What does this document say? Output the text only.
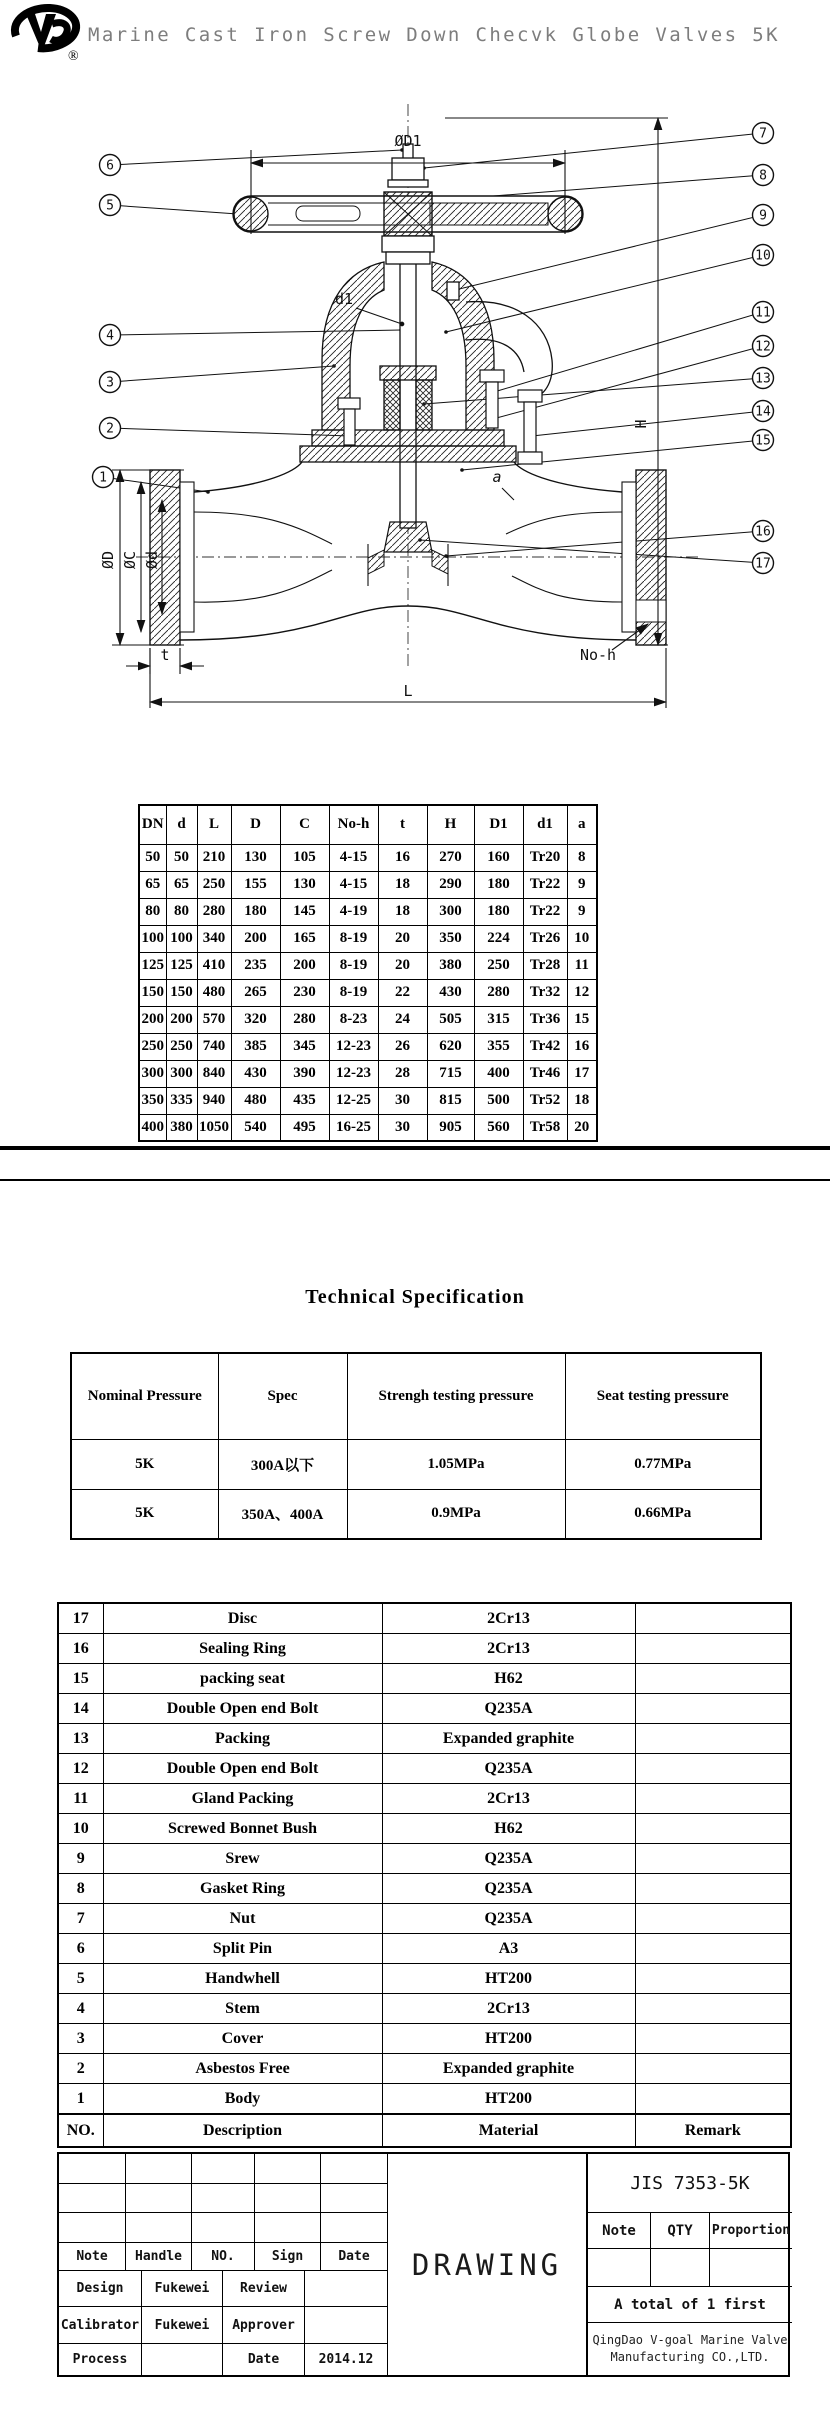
®
Marine Cast Iron Screw Down Checvk Globe Valves 5K
6
5
4
3
2
1
7
8
9
10
11
12
13
14
15
16
17
ØD1
d1
H
ØD ØC Ød
No-h
t
L
a
DN	d	L	D	C	No-h	t	H	D1	d1	a
50	50	210	130	105	4-15	16	270	160	Tr20	8
65	65	250	155	130	4-15	18	290	180	Tr22	9
80	80	280	180	145	4-19	18	300	180	Tr22	9
100	100	340	200	165	8-19	20	350	224	Tr26	10
125	125	410	235	200	8-19	20	380	250	Tr28	11
150	150	480	265	230	8-19	22	430	280	Tr32	12
200	200	570	320	280	8-23	24	505	315	Tr36	15
250	250	740	385	345	12-23	26	620	355	Tr42	16
300	300	840	430	390	12-23	28	715	400	Tr46	17
350	335	940	480	435	12-25	30	815	500	Tr52	18
400	380	1050	540	495	16-25	30	905	560	Tr58	20
Technical Specification
Nominal Pressure	Spec	Strengh testing pressure	Seat testing pressure
5K	300A以下	1.05MPa	0.77MPa
5K	350A、400A	0.9MPa	0.66MPa
17	Disc	2Cr13	
16	Sealing Ring	2Cr13	
15	packing seat	H62	
14	Double Open end Bolt	Q235A	
13	Packing	Expanded graphite	
12	Double Open end Bolt	Q235A	
11	Gland Packing	2Cr13	
10	Screwed Bonnet Bush	H62	
9	Srew	Q235A	
8	Gasket Ring	Q235A	
7	Nut	Q235A	
6	Split Pin	A3	
5	Handwhell	HT200	
4	Stem	2Cr13	
3	Cover	HT200	
2	Asbestos Free	Expanded graphite	
1	Body	HT200	
NO.	Description	Material	Remark
Note	Handle	NO.	Sign	Date
Design	Fukewei	Review
Calibrator	Fukewei	Approver
Process	Date	2014.12
DRAWING
JIS 7353-5K
Note	QTY	Proportion
A total of 1 first
QingDao V-goal Marine Valve
Manufacturing CO.,LTD.
